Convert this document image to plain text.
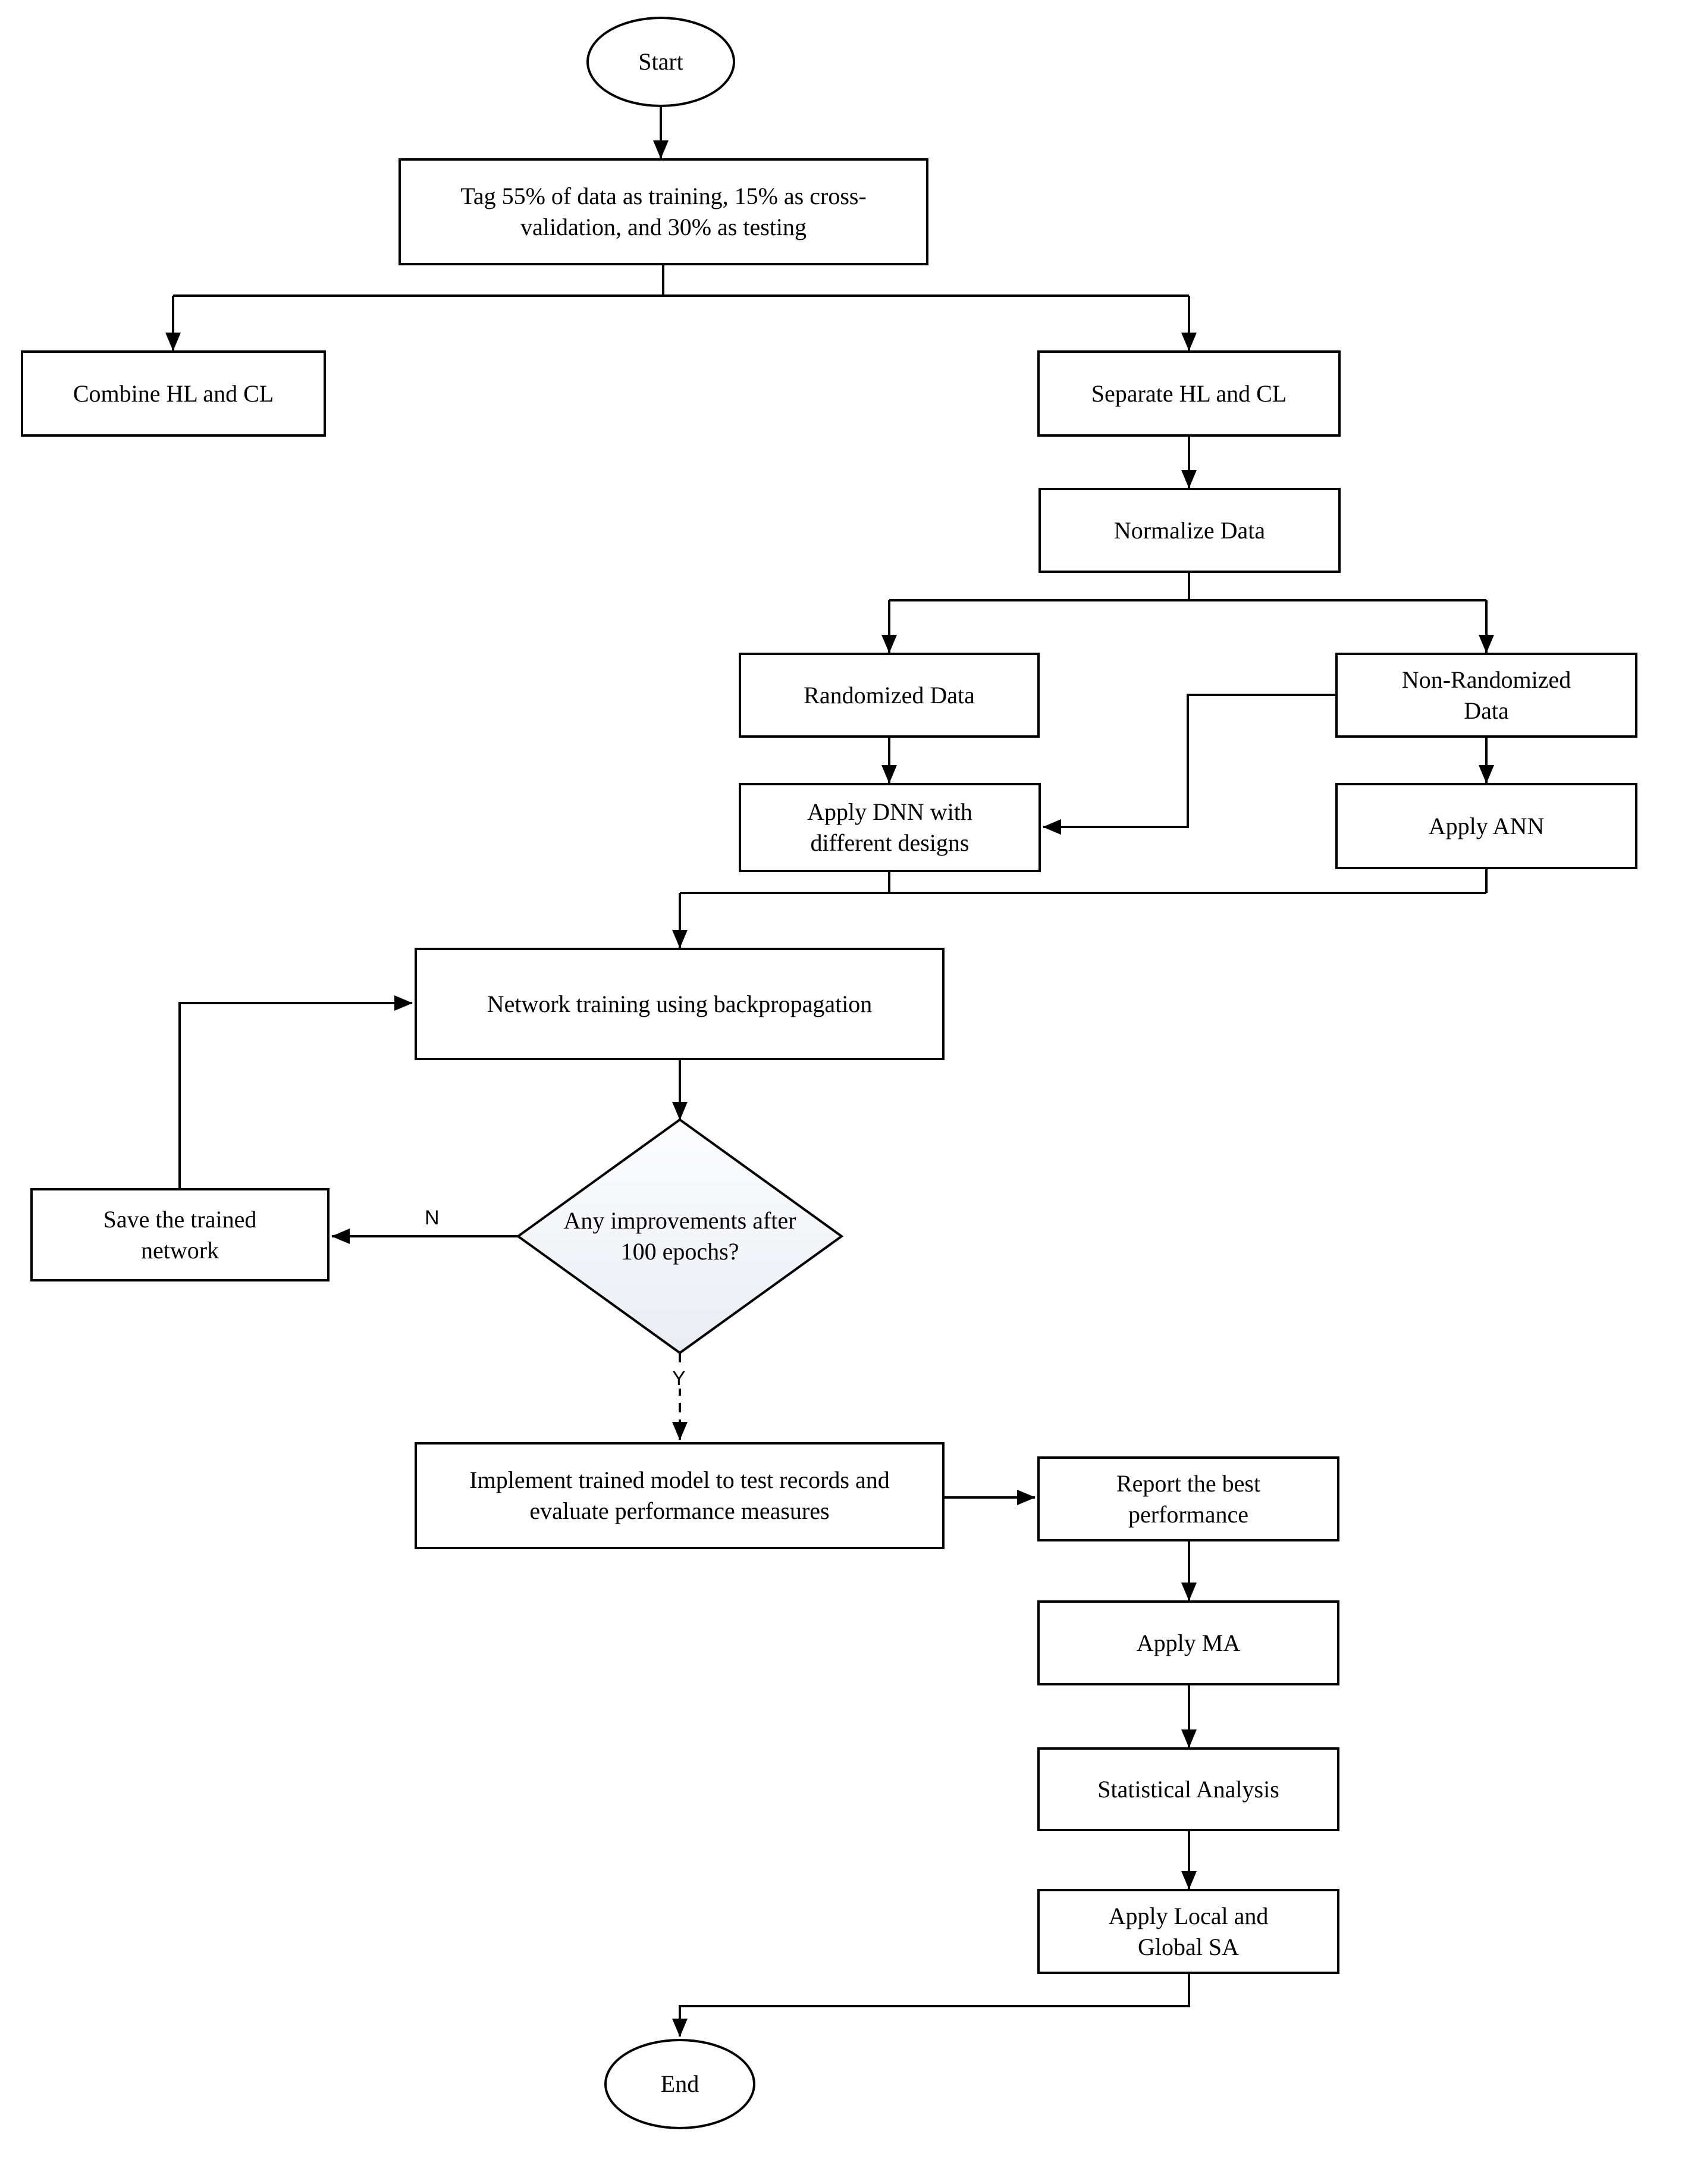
Start
End
Tag 55% of data as training, 15% as cross-validation, and 30% as testing
Combine HL and CL	Separate HL and CL
Normalize Data
Randomized Data
Non-Randomized Data
Apply DNN with different designs
Apply ANN
Network training using backpropagation
Any improvements after 100 epochs?
Save the trained network
Implement trained model to test records and evaluate performance measures
Report the best performance
Apply MA
Statistical Analysis
Apply Local and Global SA
N
Y
